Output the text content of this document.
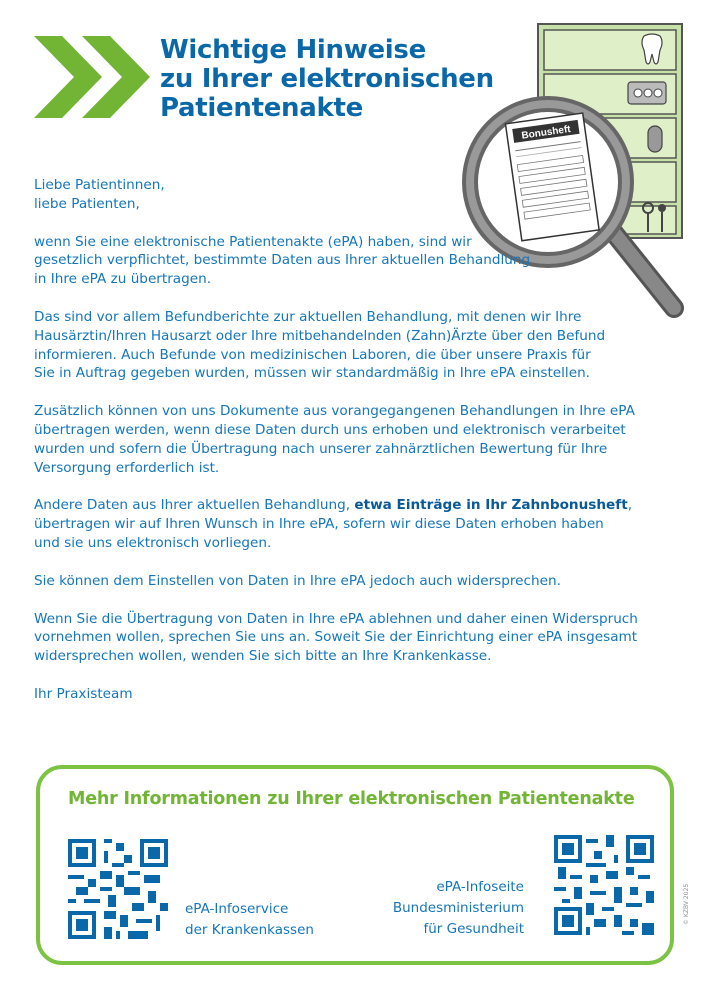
Wichtige Hinweise
zu Ihrer elektronischen
Patientenakte
Bonusheft

Liebe Patientinnen,
liebe Patienten,

wenn Sie eine elektronische Patientenakte (ePA) haben, sind wir
gesetzlich verpflichtet, bestimmte Daten aus Ihrer aktuellen Behandlung
in Ihre ePA zu übertragen.

Das sind vor allem Befundberichte zur aktuellen Behandlung, mit denen wir Ihre
Hausärztin/Ihren Hausarzt oder Ihre mitbehandelnden (Zahn)Ärzte über den Befund
informieren. Auch Befunde von medizinischen Laboren, die über unsere Praxis für
Sie in Auftrag gegeben wurden, müssen wir standardmäßig in Ihre ePA einstellen.

Zusätzlich können von uns Dokumente aus vorangegangenen Behandlungen in Ihre ePA
übertragen werden, wenn diese Daten durch uns erhoben und elektronisch verarbeitet
wurden und sofern die Übertragung nach unserer zahnärztlichen Bewertung für Ihre
Versorgung erforderlich ist.

Andere Daten aus Ihrer aktuellen Behandlung, etwa Einträge in Ihr Zahnbonusheft,
übertragen wir auf Ihren Wunsch in Ihre ePA, sofern wir diese Daten erhoben haben
und sie uns elektronisch vorliegen.

Sie können dem Einstellen von Daten in Ihre ePA jedoch auch widersprechen.

Wenn Sie die Übertragung von Daten in Ihre ePA ablehnen und daher einen Widerspruch
vornehmen wollen, sprechen Sie uns an. Soweit Sie der Einrichtung einer ePA insgesamt
widersprechen wollen, wenden Sie sich bitte an Ihre Krankenkasse.

Ihr Praxisteam

Mehr Informationen zu Ihrer elektronischen Patientenakte
ePA-Infoservice
der Krankenkassen
ePA-Infoseite
Bundesministerium
für Gesundheit
© KZBV 2025
